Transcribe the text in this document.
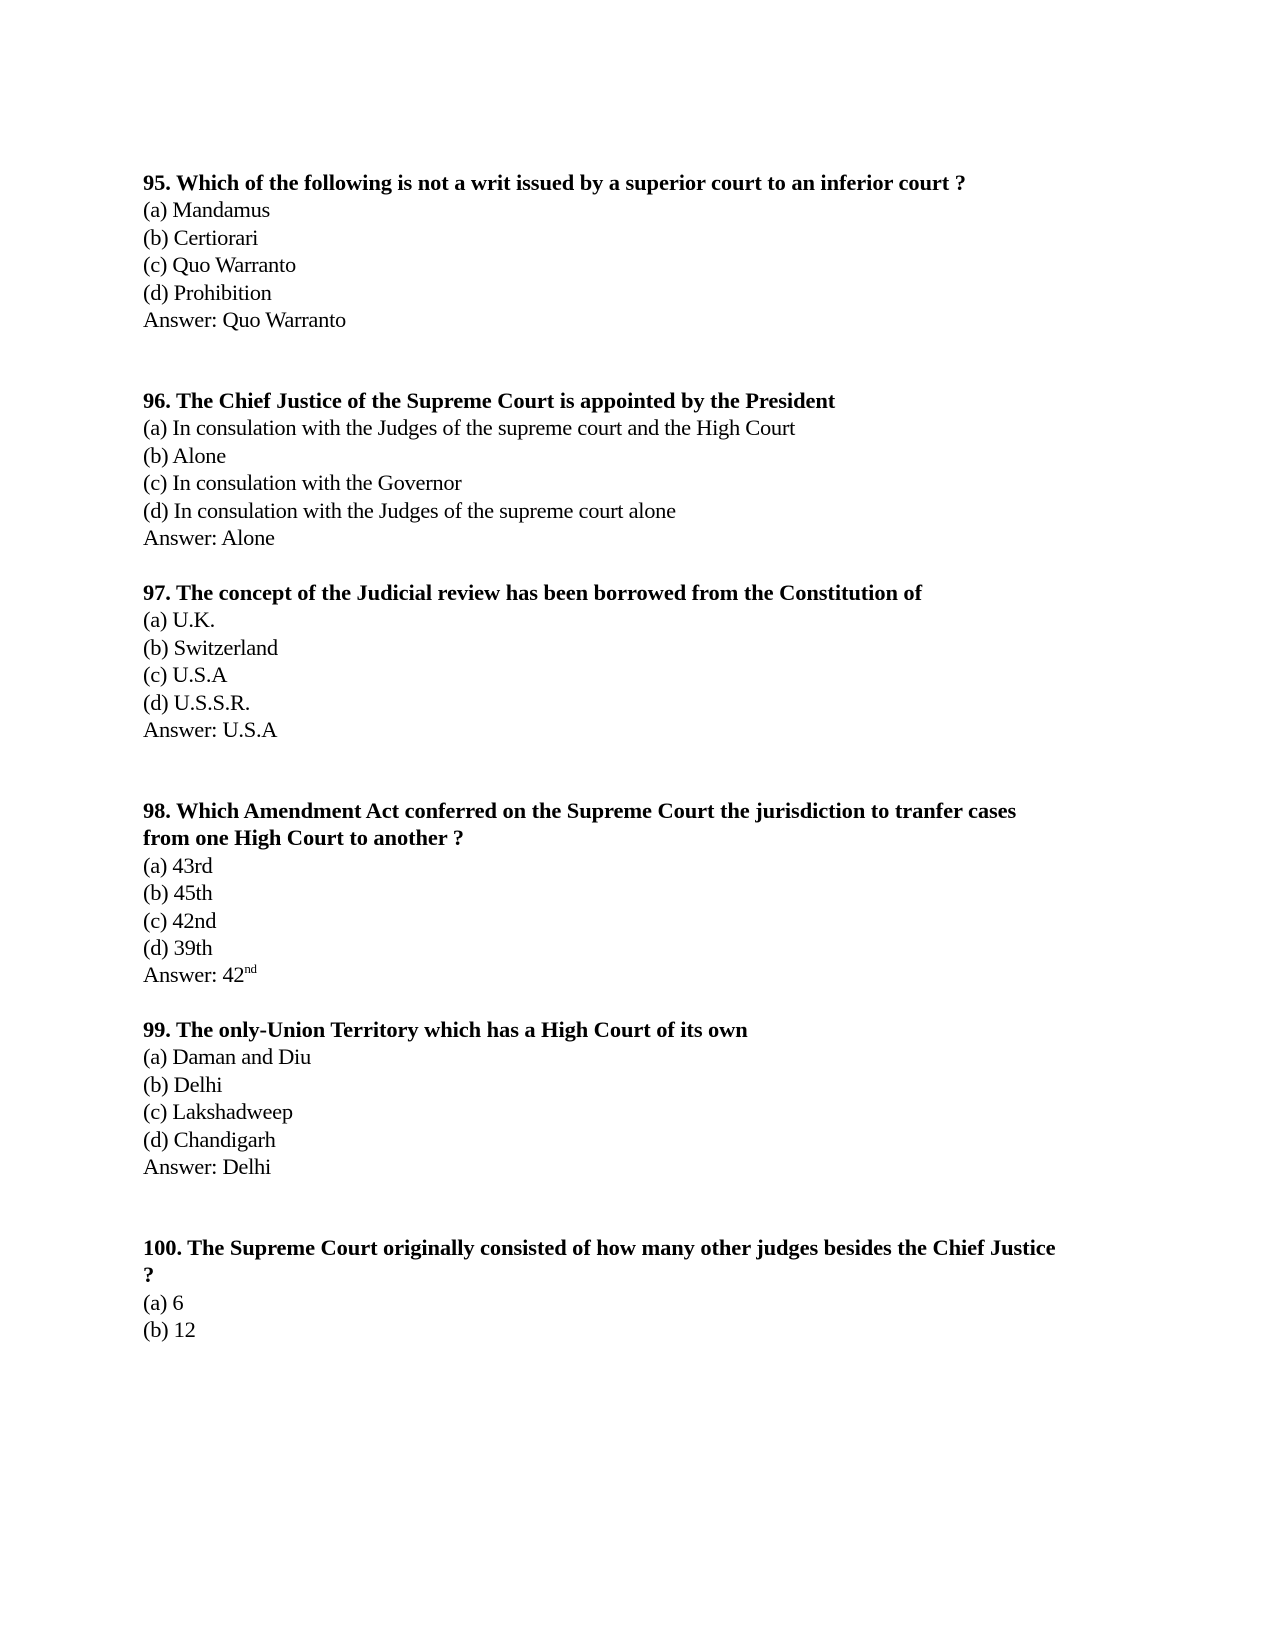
95. Which of the following is not a writ issued by a superior court to an inferior court ?
(a) Mandamus
(b) Certiorari
(c) Quo Warranto
(d) Prohibition
Answer: Quo Warranto
96. The Chief Justice of the Supreme Court is appointed by the President
(a) In consulation with the Judges of the supreme court and the High Court
(b) Alone
(c) In consulation with the Governor
(d) In consulation with the Judges of the supreme court alone
Answer: Alone
97. The concept of the Judicial review has been borrowed from the Constitution of
(a) U.K.
(b) Switzerland
(c) U.S.A
(d) U.S.S.R.
Answer: U.S.A
98. Which Amendment Act conferred on the Supreme Court the jurisdiction to tranfer cases from one High Court to another ?
(a) 43rd
(b) 45th
(c) 42nd
(d) 39th
Answer: 42nd
99. The only-Union Territory which has a High Court of its own
(a) Daman and Diu
(b) Delhi
(c) Lakshadweep
(d) Chandigarh
Answer: Delhi
100. The Supreme Court originally consisted of how many other judges besides the Chief Justice ?
(a) 6
(b) 12
